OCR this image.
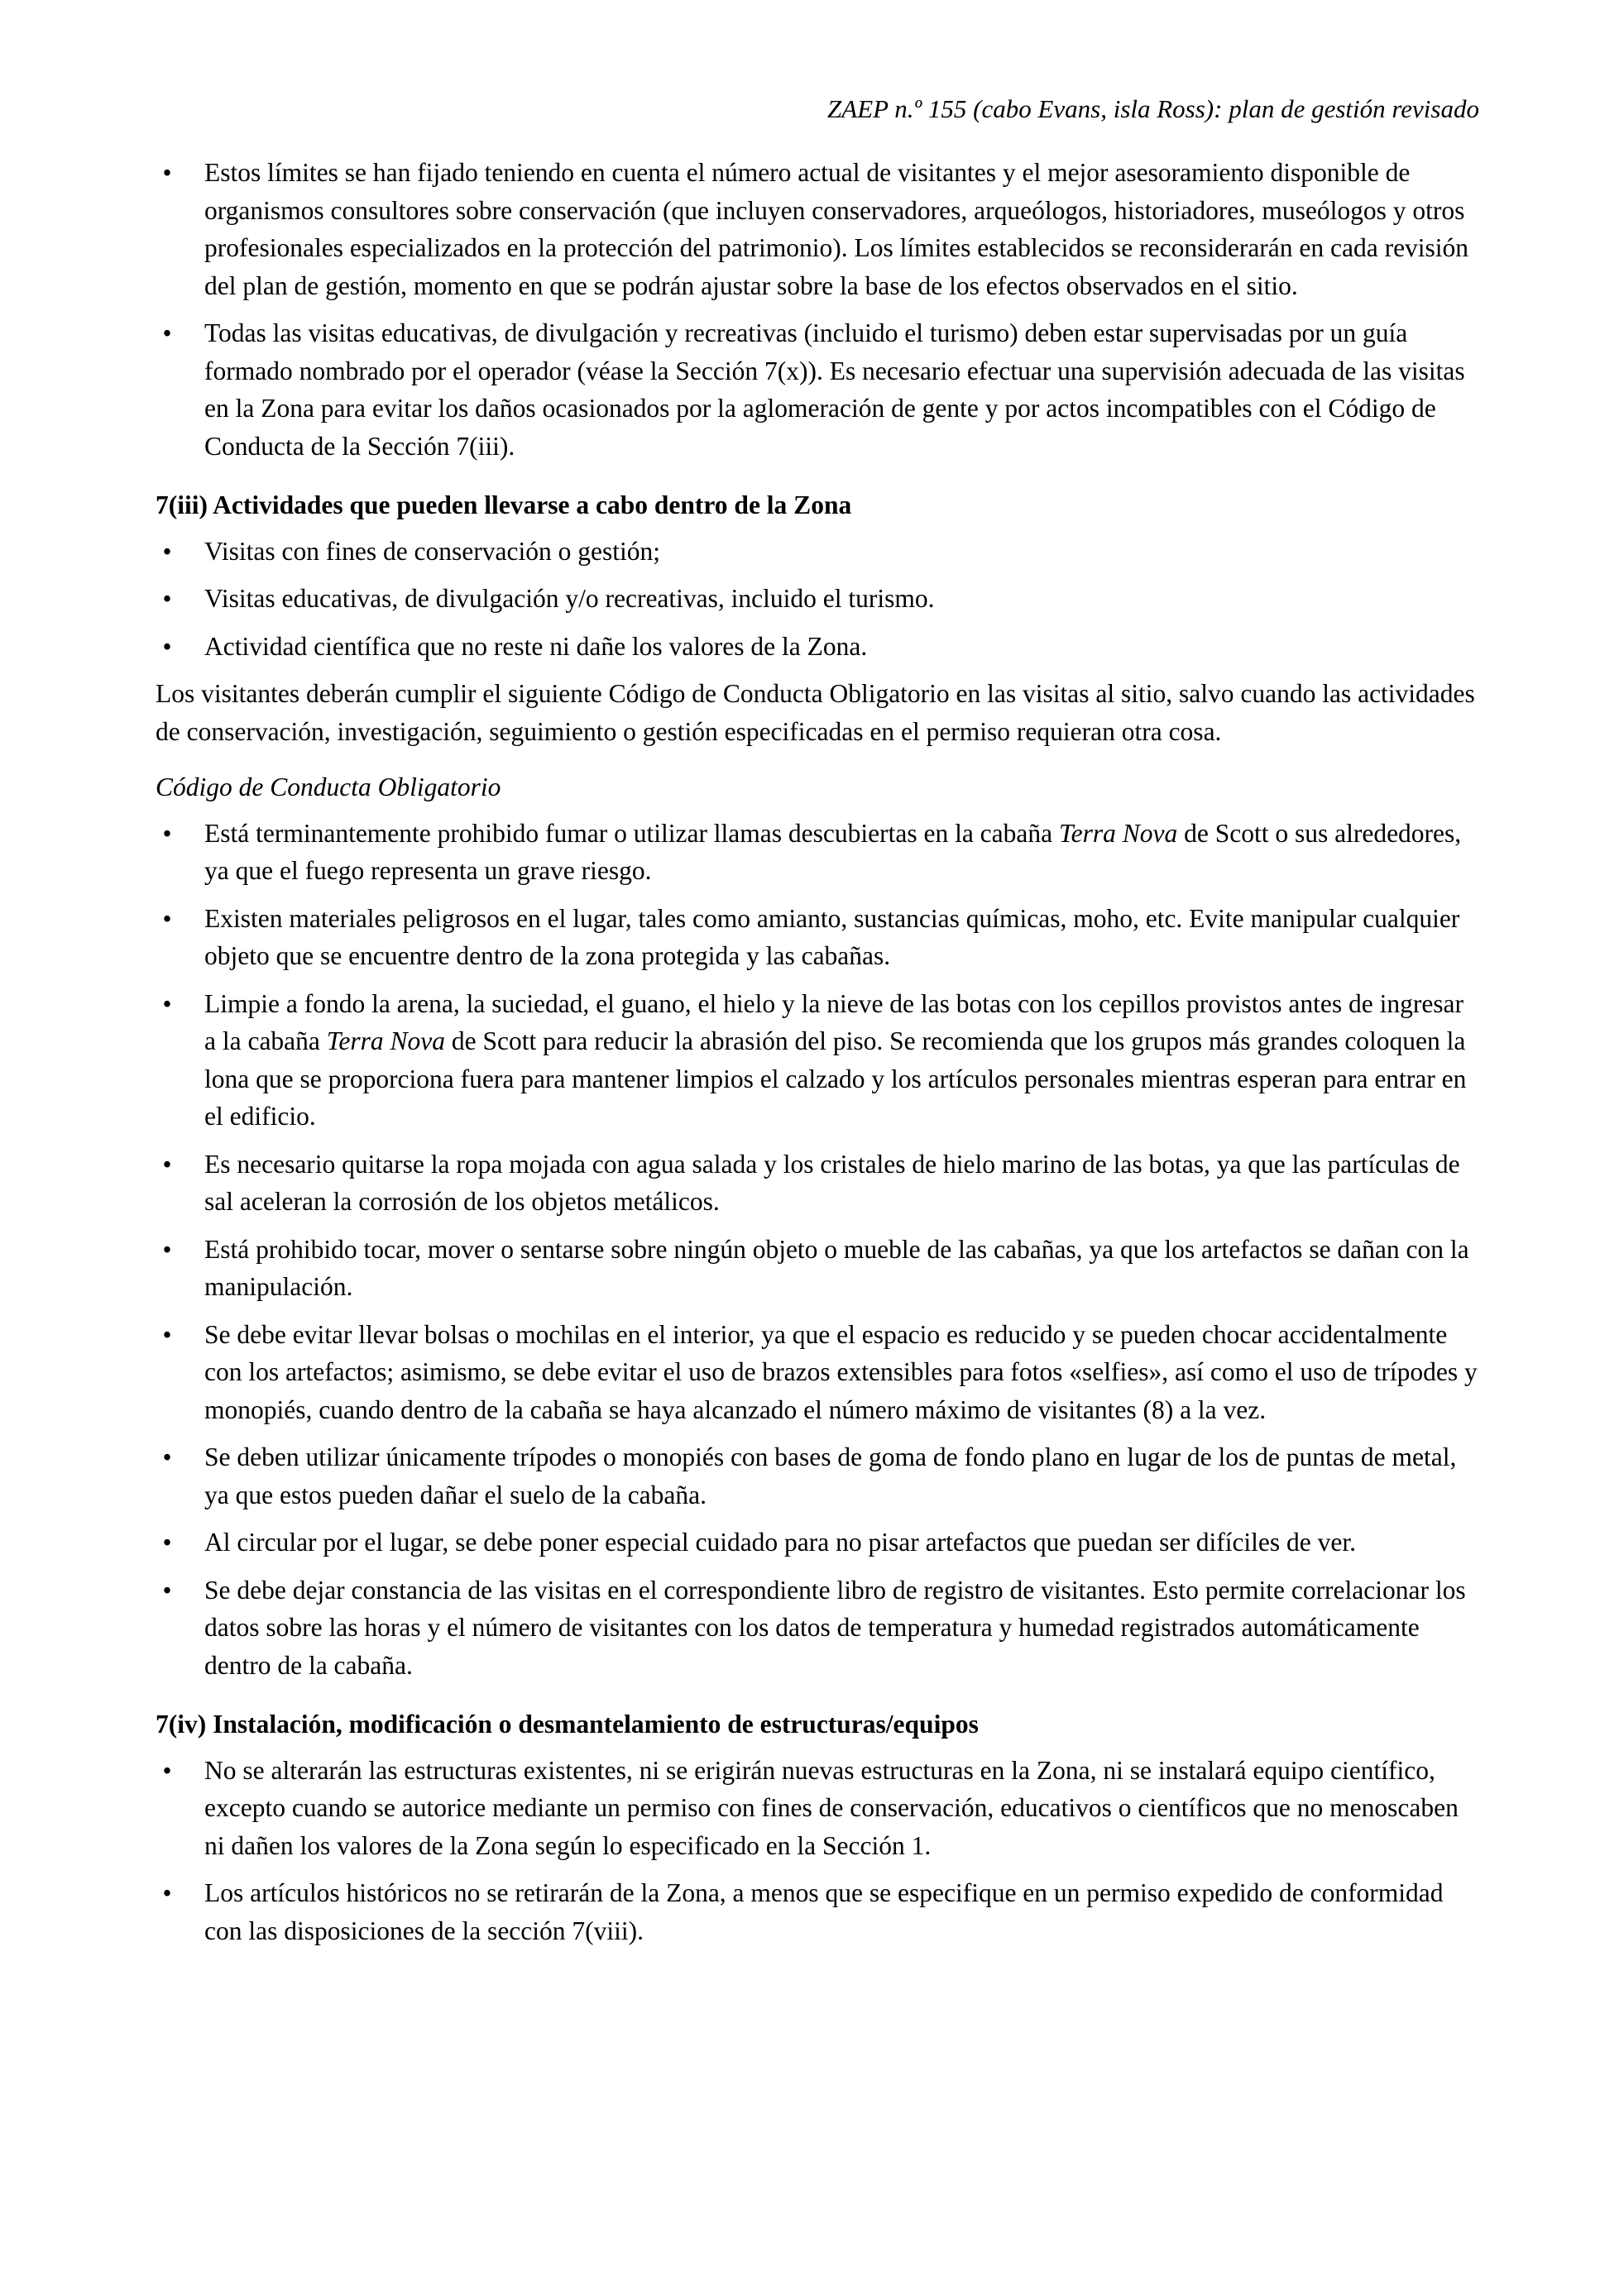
ZAEP n.º 155 (cabo Evans, isla Ross): plan de gestión revisado
• Estos límites se han fijado teniendo en cuenta el número actual de visitantes y el mejor asesoramiento disponible de organismos consultores sobre conservación (que incluyen conservadores, arqueólogos, historiadores, museólogos y otros profesionales especializados en la protección del patrimonio). Los límites establecidos se reconsiderarán en cada revisión del plan de gestión, momento en que se podrán ajustar sobre la base de los efectos observados en el sitio.
• Todas las visitas educativas, de divulgación y recreativas (incluido el turismo) deben estar supervisadas por un guía formado nombrado por el operador (véase la Sección 7(x)). Es necesario efectuar una supervisión adecuada de las visitas en la Zona para evitar los daños ocasionados por la aglomeración de gente y por actos incompatibles con el Código de Conducta de la Sección 7(iii).
7(iii) Actividades que pueden llevarse a cabo dentro de la Zona
• Visitas con fines de conservación o gestión;
• Visitas educativas, de divulgación y/o recreativas, incluido el turismo.
• Actividad científica que no reste ni dañe los valores de la Zona.

Los visitantes deberán cumplir el siguiente Código de Conducta Obligatorio en las visitas al sitio, salvo cuando las actividades de conservación, investigación, seguimiento o gestión especificadas en el permiso requieran otra cosa.

Código de Conducta Obligatorio

• Está terminantemente prohibido fumar o utilizar llamas descubiertas en la cabaña Terra Nova de Scott o sus alrededores, ya que el fuego representa un grave riesgo.
• Existen materiales peligrosos en el lugar, tales como amianto, sustancias químicas, moho, etc. Evite manipular cualquier objeto que se encuentre dentro de la zona protegida y las cabañas.
• Limpie a fondo la arena, la suciedad, el guano, el hielo y la nieve de las botas con los cepillos provistos antes de ingresar a la cabaña Terra Nova de Scott para reducir la abrasión del piso. Se recomienda que los grupos más grandes coloquen la lona que se proporciona fuera para mantener limpios el calzado y los artículos personales mientras esperan para entrar en el edificio.
• Es necesario quitarse la ropa mojada con agua salada y los cristales de hielo marino de las botas, ya que las partículas de sal aceleran la corrosión de los objetos metálicos.
• Está prohibido tocar, mover o sentarse sobre ningún objeto o mueble de las cabañas, ya que los artefactos se dañan con la manipulación.
• Se debe evitar llevar bolsas o mochilas en el interior, ya que el espacio es reducido y se pueden chocar accidentalmente con los artefactos; asimismo, se debe evitar el uso de brazos extensibles para fotos «selfies», así como el uso de trípodes y monopiés, cuando dentro de la cabaña se haya alcanzado el número máximo de visitantes (8) a la vez.
• Se deben utilizar únicamente trípodes o monopiés con bases de goma de fondo plano en lugar de los de puntas de metal, ya que estos pueden dañar el suelo de la cabaña.
• Al circular por el lugar, se debe poner especial cuidado para no pisar artefactos que puedan ser difíciles de ver.
• Se debe dejar constancia de las visitas en el correspondiente libro de registro de visitantes. Esto permite correlacionar los datos sobre las horas y el número de visitantes con los datos de temperatura y humedad registrados automáticamente dentro de la cabaña.
7(iv) Instalación, modificación o desmantelamiento de estructuras/equipos
• No se alterarán las estructuras existentes, ni se erigirán nuevas estructuras en la Zona, ni se instalará equipo científico, excepto cuando se autorice mediante un permiso con fines de conservación, educativos o científicos que no menoscaben ni dañen los valores de la Zona según lo especificado en la Sección 1.
• Los artículos históricos no se retirarán de la Zona, a menos que se especifique en un permiso expedido de conformidad con las disposiciones de la sección 7(viii).
